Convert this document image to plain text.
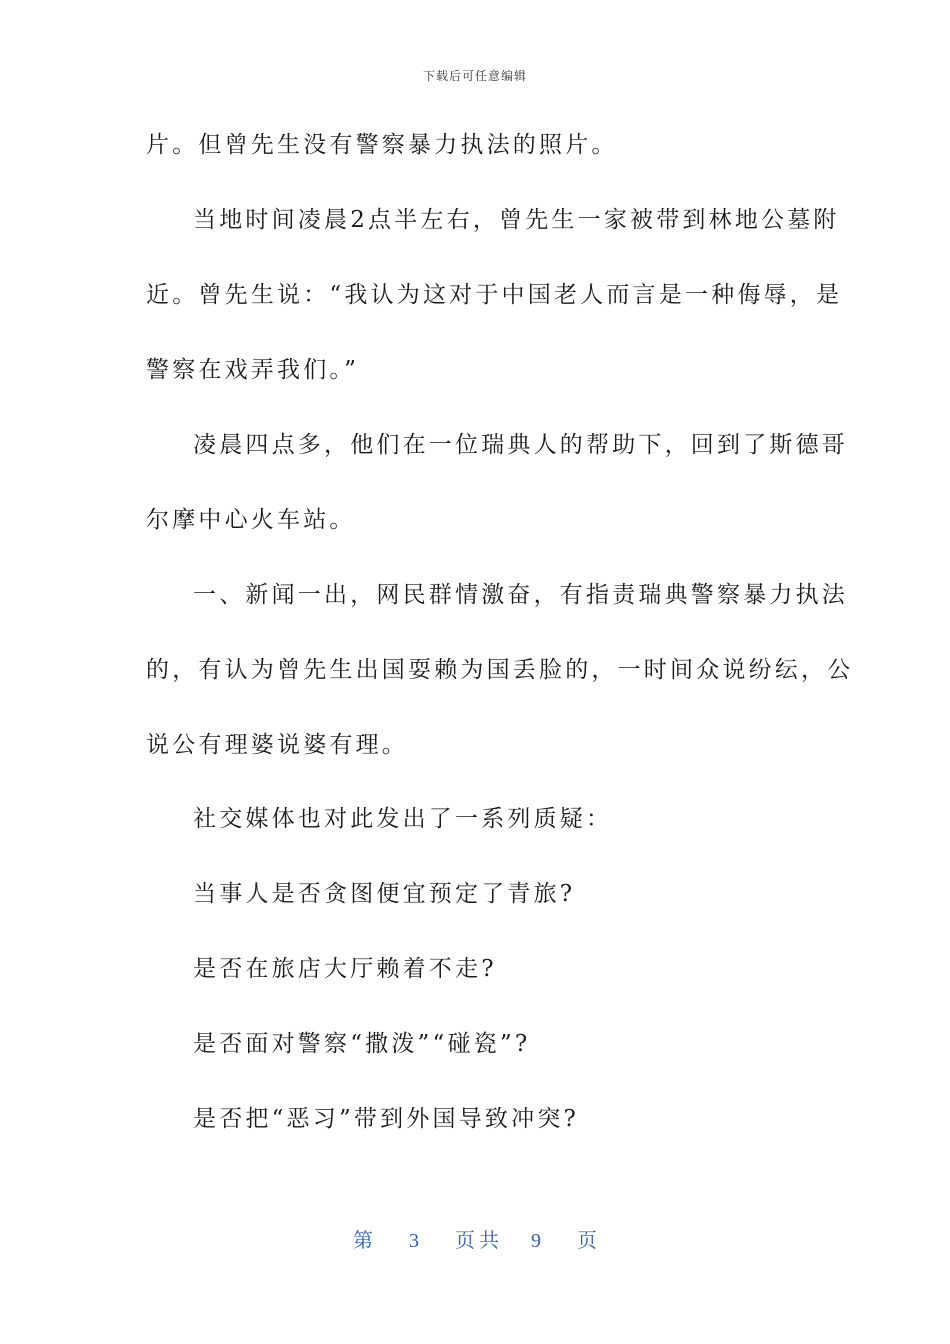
下载后可任意编辑
片。但曾先生没有警察暴力执法的照片。
当地时间凌晨2点半左右，曾先生一家被带到林地公墓附
近。曾先生说：“我认为这对于中国老人而言是一种侮辱，是
警察在戏弄我们。”
凌晨四点多，他们在一位瑞典人的帮助下，回到了斯德哥
尔摩中心火车站。
一、新闻一出，网民群情激奋，有指责瑞典警察暴力执法
的，有认为曾先生出国耍赖为国丢脸的，一时间众说纷纭，公
说公有理婆说婆有理。
社交媒体也对此发出了一系列质疑：
当事人是否贪图便宜预定了青旅?
是否在旅店大厅赖着不走?
是否面对警察“撒泼”“碰瓷”?
是否把“恶习”带到外国导致冲突?
第 3 页共 9 页
